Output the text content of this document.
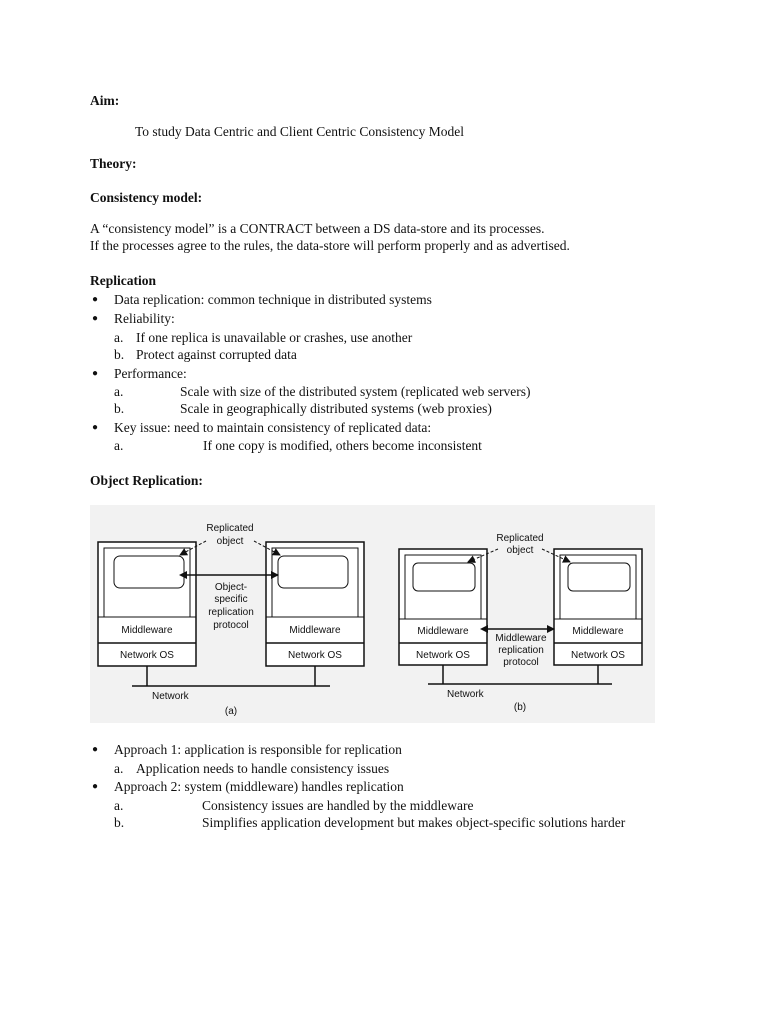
Aim:
To study Data Centric and Client Centric Consistency Model
Theory:
Consistency model:
A “consistency model” is a CONTRACT between a DS data-store and its processes.
If the processes agree to the rules, the data-store will perform properly and as advertised.
Replication
● Data replication: common technique in distributed systems
● Reliability:
a. If one replica is unavailable or crashes, use another
b. Protect against corrupted data
● Performance:
a.	Scale with size of the distributed system (replicated web servers)
b.	Scale in geographically distributed systems (web proxies)
● Key issue: need to maintain consistency of replicated data:
a.	If one copy is modified, others become inconsistent
Object Replication:
Middleware
Network OS
Middleware
Network OS
Replicated
object
Object-
specific
replication
protocol
Network
(a)
Middleware
Network OS
Middleware
Network OS
Replicated
object
Middleware
replication
protocol
Network
(b)
● Approach 1: application is responsible for replication
a. Application needs to handle consistency issues
● Approach 2: system (middleware) handles replication
a.	Consistency issues are handled by the middleware
b.	Simplifies application development but makes object-specific solutions harder
